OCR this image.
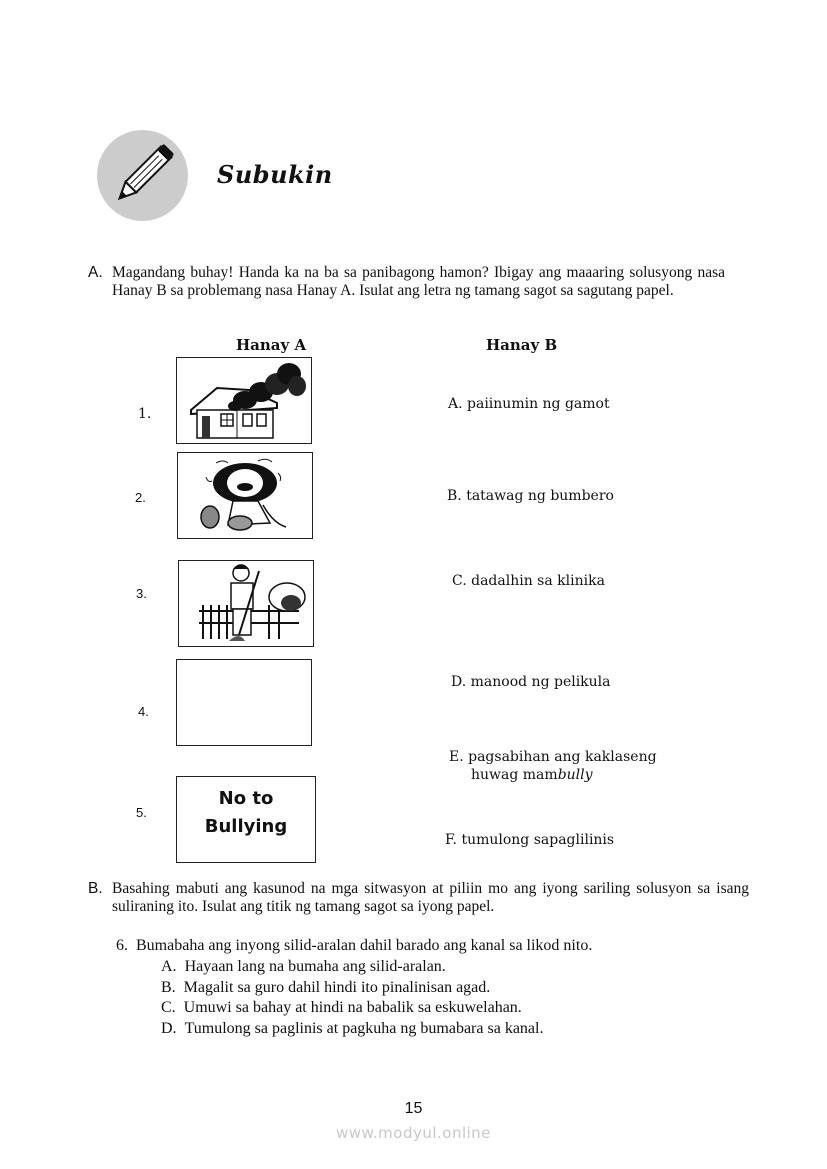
Subukin
A. Magandang buhay! Handa ka na ba sa panibagong hamon? Ibigay ang maaaring solusyong nasa Hanay B sa problemang nasa Hanay A. Isulat ang letra ng tamang sagot sa sagutang papel.
Hanay A	Hanay B
1.
2.
3.
4.
5.
No to
Bullying
A. paiinumin ng gamot
B. tatawag ng bumbero
C. dadalhin sa klinika
D. manood ng pelikula
E. pagsabihan ang kaklaseng
huwag mambully
F. tumulong sapaglilinis
B. Basahing mabuti ang kasunod na mga sitwasyon at piliin mo ang iyong sariling solusyon sa isang suliraning ito. Isulat ang titik ng tamang sagot sa iyong papel.
6. Bumabaha ang inyong silid-aralan dahil barado ang kanal sa likod nito.
A. Hayaan lang na bumaha ang silid-aralan.
B. Magalit sa guro dahil hindi ito pinalinisan agad.
C. Umuwi sa bahay at hindi na babalik sa eskuwelahan.
D. Tumulong sa paglinis at pagkuha ng bumabara sa kanal.
15
www.modyul.online
